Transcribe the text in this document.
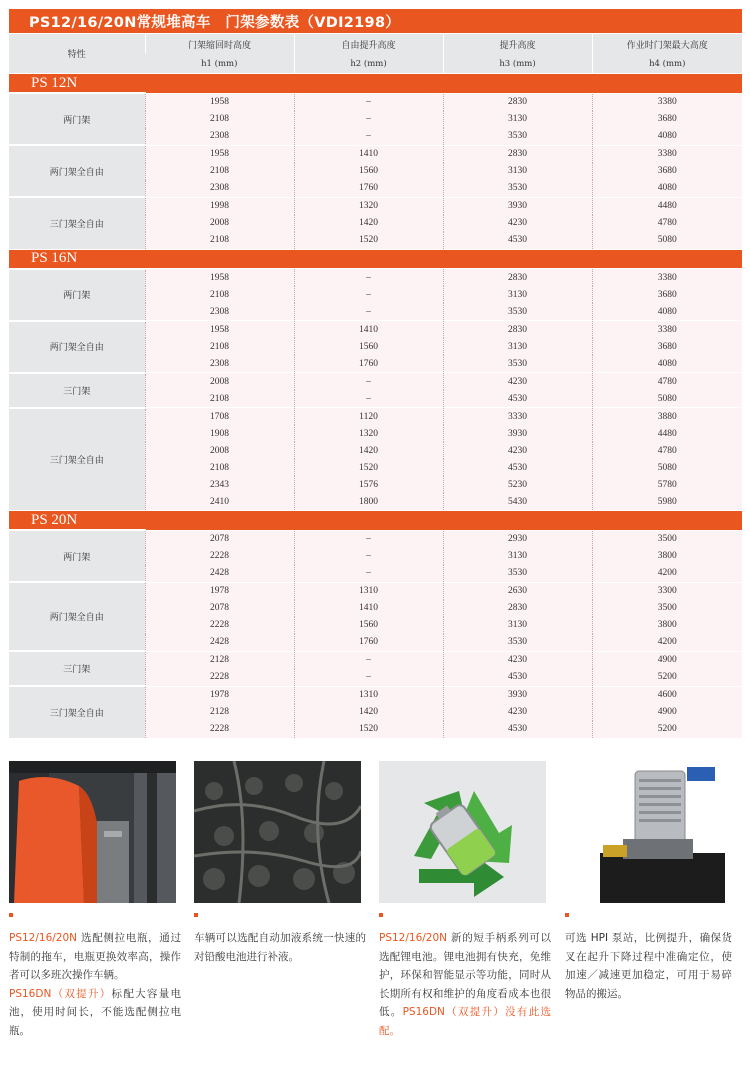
PS12/16/20N常规堆高车　门架参数表（VDI2198）
特性	门架缩回时高度	自由提升高度	提升高度	作业时门架最大高度
	h1 (mm)	h2 (mm)	h3 (mm)	h4 (mm)
PS 12N				
两门架	1958	–	2830	3380
	2108	–	3130	3680
	2308	–	3530	4080
两门架全自由	1958	1410	2830	3380
	2108	1560	3130	3680
	2308	1760	3530	4080
三门架全自由	1998	1320	3930	4480
	2008	1420	4230	4780
	2108	1520	4530	5080
PS 16N				
两门架	1958	–	2830	3380
	2108	–	3130	3680
	2308	–	3530	4080
两门架全自由	1958	1410	2830	3380
	2108	1560	3130	3680
	2308	1760	3530	4080
三门架	2008	–	4230	4780
	2108	–	4530	5080
三门架全自由	1708	1120	3330	3880
	1908	1320	3930	4480
	2008	1420	4230	4780
	2108	1520	4530	5080
	2343	1576	5230	5780
	2410	1800	5430	5980
PS 20N				
两门架	2078	–	2930	3500
	2228	–	3130	3800
	2428	–	3530	4200
两门架全自由	1978	1310	2630	3300
	2078	1410	2830	3500
	2228	1560	3130	3800
	2428	1760	3530	4200
三门架	2128	–	4230	4900
	2228	–	4530	5200
三门架全自由	1978	1310	3930	4600
	2128	1420	4230	4900
	2228	1520	4530	5200
PS12/16/20N 选配侧拉电瓶，通过特制的拖车，电瓶更换效率高，操作者可以多班次操作车辆。
PS16DN（双提升）标配大容量电池，使用时间长，不能选配侧拉电瓶。
车辆可以选配自动加液系统一快速的对铅酸电池进行补液。
PS12/16/20N 新的短手柄系列可以选配锂电池。锂电池拥有快充，免维护，环保和智能显示等功能，同时从长期所有权和维护的角度看成本也很低。PS16DN（双提升）没有此选配。
可选 HPI 泵站，比例提升，确保货叉在起升下降过程中准确定位，使加速／减速更加稳定，可用于易碎物品的搬运。
